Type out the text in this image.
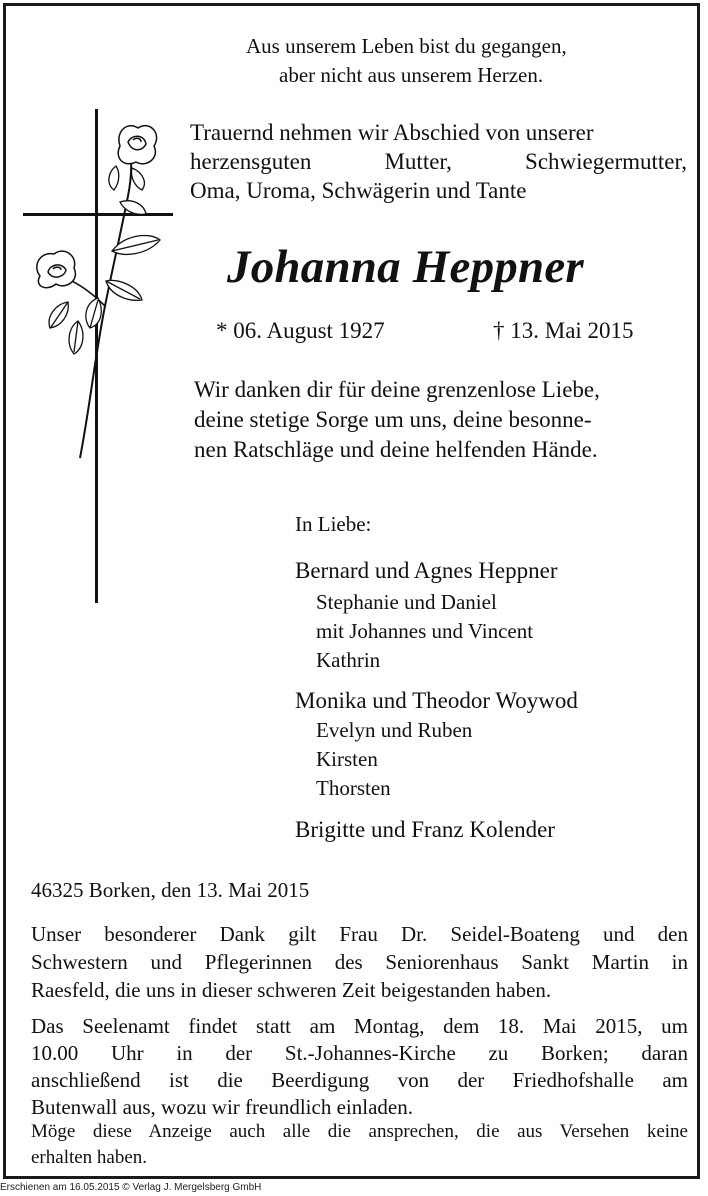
Aus unserem Leben bist du gegangen,
aber nicht aus unserem Herzen.
Trauernd nehmen wir Abschied von unserer
herzensguten Mutter, Schwiegermutter,
Oma, Uroma, Schwägerin und Tante
Johanna Heppner
* 06. August 1927	† 13. Mai 2015
Wir danken dir für deine grenzenlose Liebe,
deine stetige Sorge um uns, deine besonne-
nen Ratschläge und deine helfenden Hände.
In Liebe:
Bernard und Agnes Heppner
Stephanie und Daniel
mit Johannes und Vincent
Kathrin
Monika und Theodor Woywod
Evelyn und Ruben
Kirsten
Thorsten
Brigitte und Franz Kolender
46325 Borken, den 13. Mai 2015
Unser besonderer Dank gilt Frau Dr. Seidel-Boateng und den
Schwestern und Pflegerinnen des Seniorenhaus Sankt Martin in
Raesfeld, die uns in dieser schweren Zeit beigestanden haben.
Das Seelenamt findet statt am Montag, dem 18. Mai 2015, um
10.00 Uhr in der St.-Johannes-Kirche zu Borken; daran
anschließend ist die Beerdigung von der Friedhofshalle am
Butenwall aus, wozu wir freundlich einladen.
Möge diese Anzeige auch alle die ansprechen, die aus Versehen keine
erhalten haben.
Erschienen am 16.05.2015 © Verlag J. Mergelsberg GmbH
